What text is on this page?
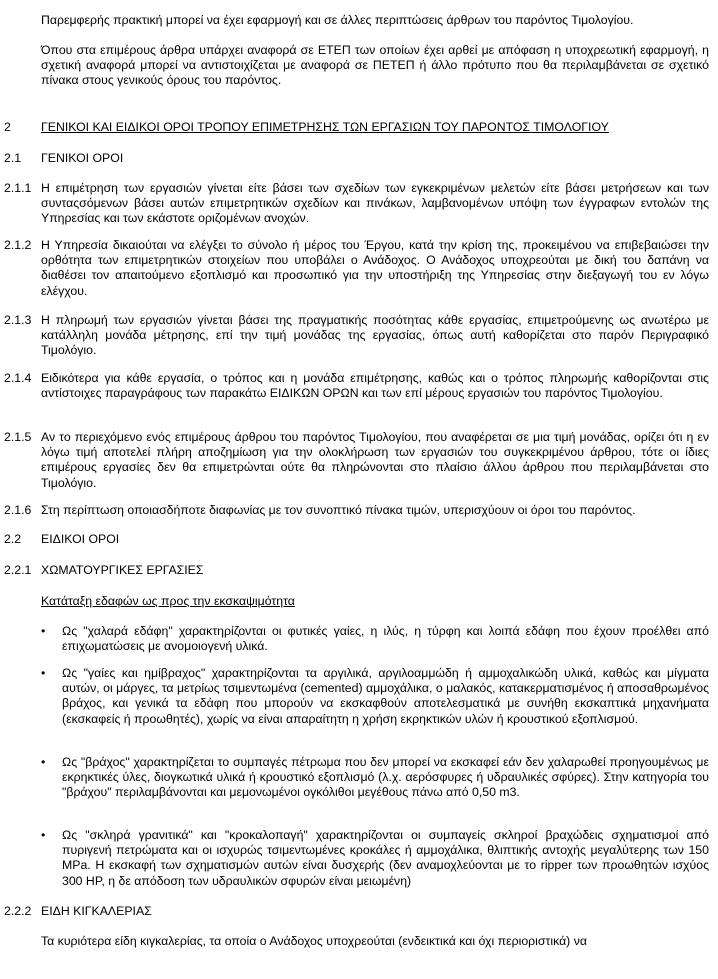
Παρεμφερής πρακτική μπορεί να έχει εφαρμογή και σε άλλες περιπτώσεις άρθρων του παρόντος Τιμολογίου.
Όπου στα επιμέρους άρθρα υπάρχει αναφορά σε ΕΤΕΠ των οποίων έχει αρθεί με απόφαση η υποχρεωτική εφαρμογή, η σχετική αναφορά μπορεί να αντιστοιχίζεται με αναφορά σε ΠΕΤΕΠ ή άλλο πρότυπο που θα περιλαμβάνεται σε σχετικό πίνακα στους γενικούς όρους του παρόντος.
2 ΓΕΝΙΚΟΙ ΚΑΙ ΕΙΔΙΚΟΙ ΟΡΟΙ ΤΡΟΠΟΥ ΕΠΙΜΕΤΡΗΣΗΣ ΤΩΝ ΕΡΓΑΣΙΩΝ ΤΟΥ ΠΑΡΟΝΤΟΣ ΤΙΜΟΛΟΓΙΟΥ
2.1 ΓΕΝΙΚΟΙ ΟΡΟΙ
2.1.1 Η επιμέτρηση των εργασιών γίνεται είτε βάσει των σχεδίων των εγκεκριμένων μελετών είτε βάσει μετρήσεων και των συνταςσόμενων βάσει αυτών επιμετρητικών σχεδίων και πινάκων, λαμβανομένων υπόψη των έγγραφων εντολών της Υπηρεσίας και των εκάστοτε οριζομένων ανοχών.
2.1.2 Η Υπηρεσία δικαιούται να ελέγξει το σύνολο ή μέρος του Έργου, κατά την κρίση της, προκειμένου να επιβεβαιώσει την ορθότητα των επιμετρητικών στοιχείων που υποβάλει ο Ανάδοχος. Ο Ανάδοχος υποχρεούται με δική του δαπάνη να διαθέσει τον απαιτούμενο εξοπλισμό και προσωπικό για την υποστήριξη της Υπηρεσίας στην διεξαγωγή του εν λόγω ελέγχου.
2.1.3 Η πληρωμή των εργασιών γίνεται βάσει της πραγματικής ποσότητας κάθε εργασίας, επιμετρούμενης ως ανωτέρω με κατάλληλη μονάδα μέτρησης, επί την τιμή μονάδας της εργασίας, όπως αυτή καθορίζεται στο παρόν Περιγραφικό Τιμολόγιο.
2.1.4 Ειδικότερα για κάθε εργασία, ο τρόπος και η μονάδα επιμέτρησης, καθώς και ο τρόπος πληρωμής καθορίζονται στις αντίστοιχες παραγράφους των παρακάτω ΕΙΔΙΚΩΝ ΟΡΩΝ και των επί μέρους εργασιών του παρόντος Τιμολογίου.
2.1.5 Αν το περιεχόμενο ενός επιμέρους άρθρου του παρόντος Τιμολογίου, που αναφέρεται σε μια τιμή μονάδας, ορίζει ότι η εν λόγω τιμή αποτελεί πλήρη αποζημίωση για την ολοκλήρωση των εργασιών του συγκεκριμένου άρθρου, τότε οι ίδιες επιμέρους εργασίες δεν θα επιμετρώνται ούτε θα πληρώνονται στο πλαίσιο άλλου άρθρου που περιλαμβάνεται στο Τιμολόγιο.
2.1.6 Στη περίπτωση οποιασδήποτε διαφωνίας με τον συνοπτικό πίνακα τιμών, υπερισχύουν οι όροι του παρόντος.
2.2 ΕΙΔΙΚΟΙ ΟΡΟΙ
2.2.1 ΧΩΜΑΤΟΥΡΓΙΚΕΣ ΕΡΓΑΣΙΕΣ
Κατάταξη εδαφών ως προς την εκσκαψιμότητα
• Ως "χαλαρά εδάφη" χαρακτηρίζονται οι φυτικές γαίες, η ιλύς, η τύρφη και λοιπά εδάφη που έχουν προέλθει από επιχωματώσεις με ανομοιογενή υλικά.
• Ως "γαίες και ημίβραχος" χαρακτηρίζονται τα αργιλικά, αργιλοαμμώδη ή αμμοχαλικώδη υλικά, καθώς και μίγματα αυτών, οι μάργες, τα μετρίως τσιμεντωμένα (cemented) αμμοχάλικα, ο μαλακός, κατακερματισμένος ή αποσαθρωμένος βράχος, και γενικά τα εδάφη που μπορούν να εκσκαφθούν αποτελεσματικά με συνήθη εκσκαπτικά μηχανήματα (εκσκαφείς ή προωθητές), χωρίς να είναι απαραίτητη η χρήση εκρηκτικών υλών ή κρουστικού εξοπλισμού.
• Ως "βράχος" χαρακτηρίζεται το συμπαγές πέτρωμα που δεν μπορεί να εκσκαφεί εάν δεν χαλαρωθεί προηγουμένως με εκρηκτικές ύλες, διογκωτικά υλικά ή κρουστικό εξοπλισμό (λ.χ. αερόσφυρες ή υδραυλικές σφύρες). Στην κατηγορία του "βράχου" περιλαμβάνονται και μεμονωμένοι ογκόλιθοι μεγέθους πάνω από 0,50 m3.
• Ως "σκληρά γρανιτικά" και "κροκαλοπαγή" χαρακτηρίζονται οι συμπαγείς σκληροί βραχώδεις σχηματισμοί από πυριγενή πετρώματα και οι ισχυρώς τσιμεντωμένες κροκάλες ή αμμοχάλικα, θλιπτικής αντοχής μεγαλύτερης των 150 MPa. Η εκσκαφή των σχηματισμών αυτών είναι δυσχερής (δεν αναμοχλεύονται με το ripper των προωθητών ισχύος 300 HP, η δε απόδοση των υδραυλικών σφυρών είναι μειωμένη)
2.2.2 ΕΙΔΗ ΚΙΓΚΑΛΕΡΙΑΣ
Τα κυριότερα είδη κιγκαλερίας, τα οποία ο Ανάδοχος υποχρεούται (ενδεικτικά και όχι περιοριστικά) να
